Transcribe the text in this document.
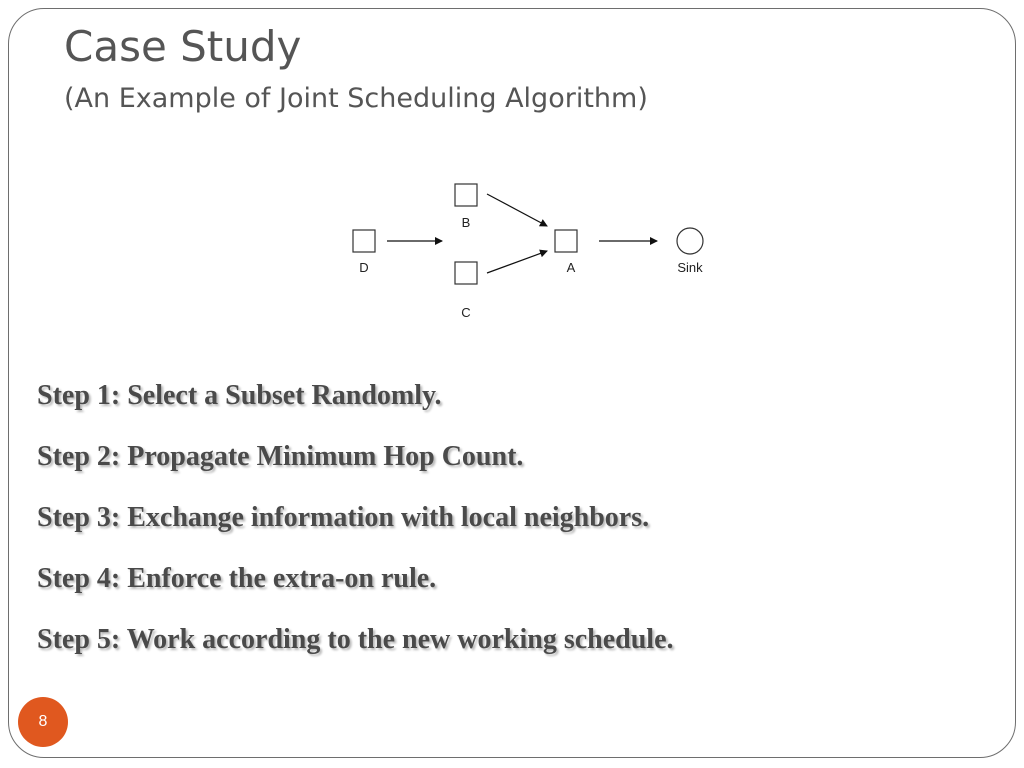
Case Study
(An Example of Joint Scheduling Algorithm)
D
B
C
A	Sink
Step 1: Select a Subset Randomly.
Step 2: Propagate Minimum Hop Count.
Step 3: Exchange information with local neighbors.
Step 4: Enforce the extra-on rule.
Step 5: Work according to the new working schedule.
8
